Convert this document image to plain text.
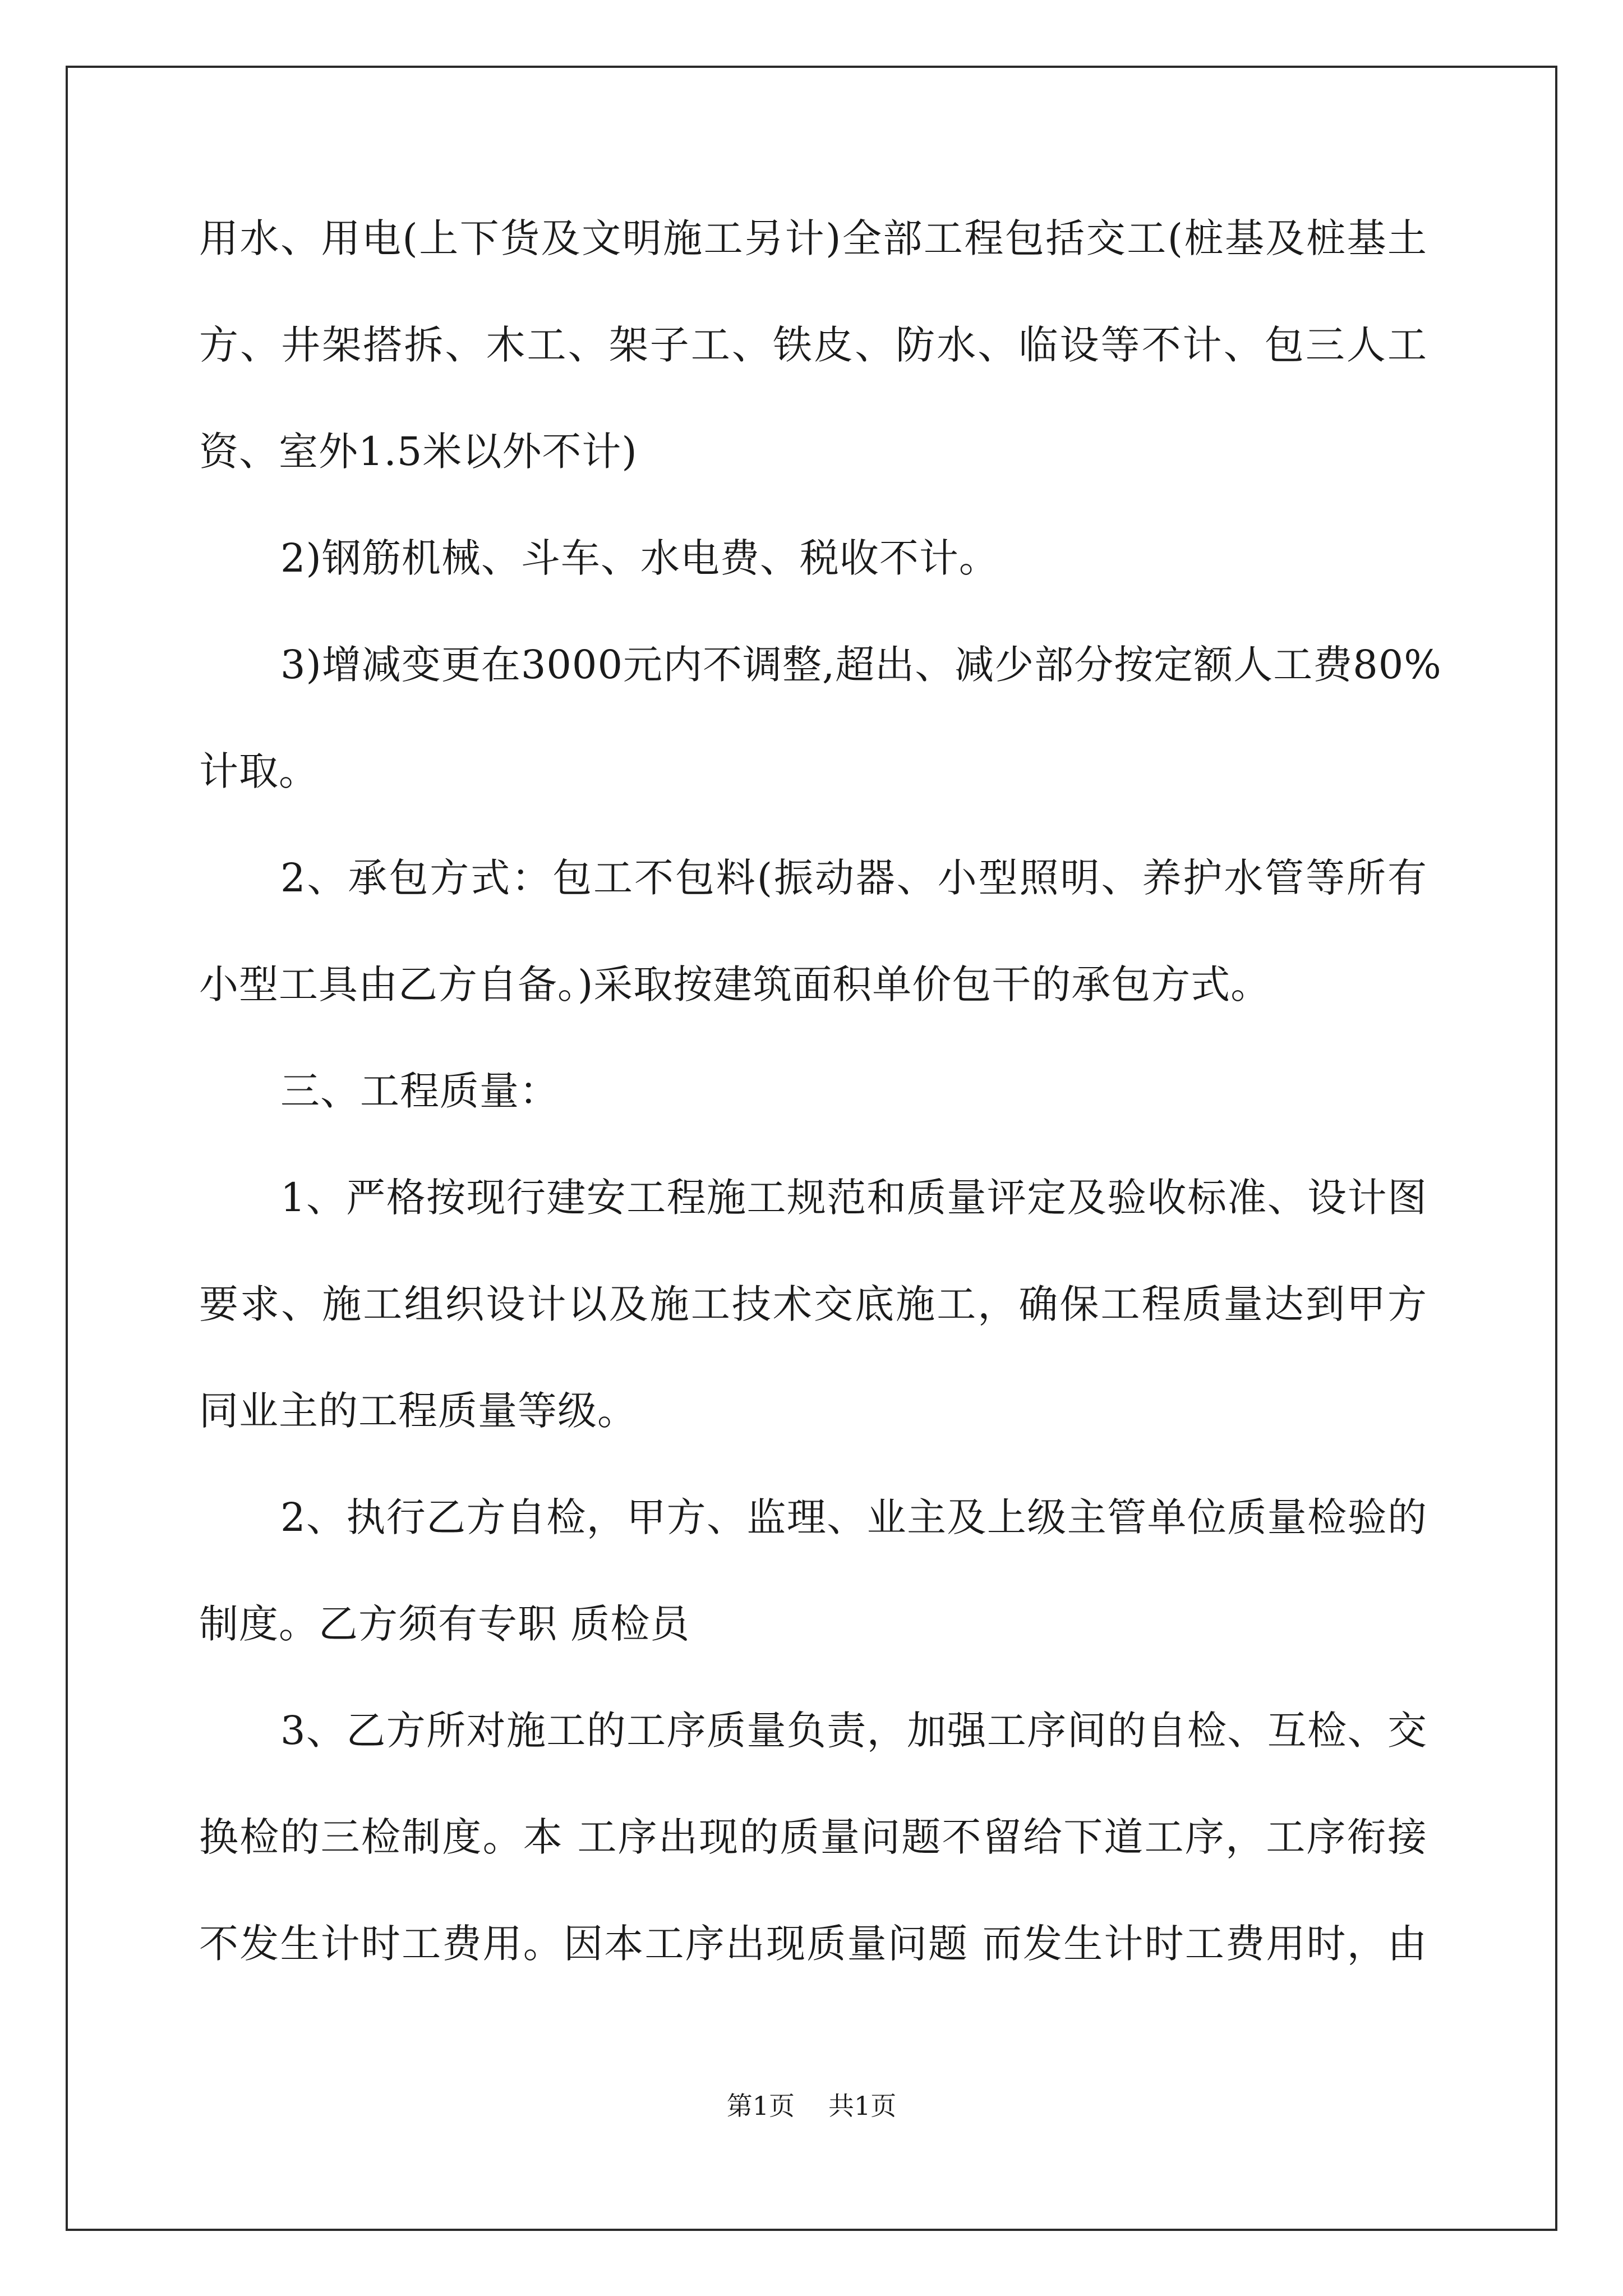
用水、用电(上下货及文明施工另计)全部工程包括交工(桩基及桩基土
方、井架搭拆、木工、架子工、铁皮、防水、临设等不计、包三人工
资、室外1.5米以外不计)
2)钢筋机械、斗车、水电费、税收不计。
3)增减变更在3000元内不调整,超出、减少部分按定额人工费80%
计取。
2、承包方式：包工不包料(振动器、小型照明、养护水管等所有
小型工具由乙方自备。)采取按建筑面积单价包干的承包方式。
三、工程质量：
1、严格按现行建安工程施工规范和质量评定及验收标准、设计图
要求、施工组织设计以及施工技术交底施工，确保工程质量达到甲方
同业主的工程质量等级。
2、执行乙方自检，甲方、监理、业主及上级主管单位质量检验的
制度。乙方须有专职 质检员
3、乙方所对施工的工序质量负责，加强工序间的自检、互检、交
换检的三检制度。本 工序出现的质量问题不留给下道工序，工序衔接
不发生计时工费用。因本工序出现质量问题 而发生计时工费用时，由
第1页 共1页
